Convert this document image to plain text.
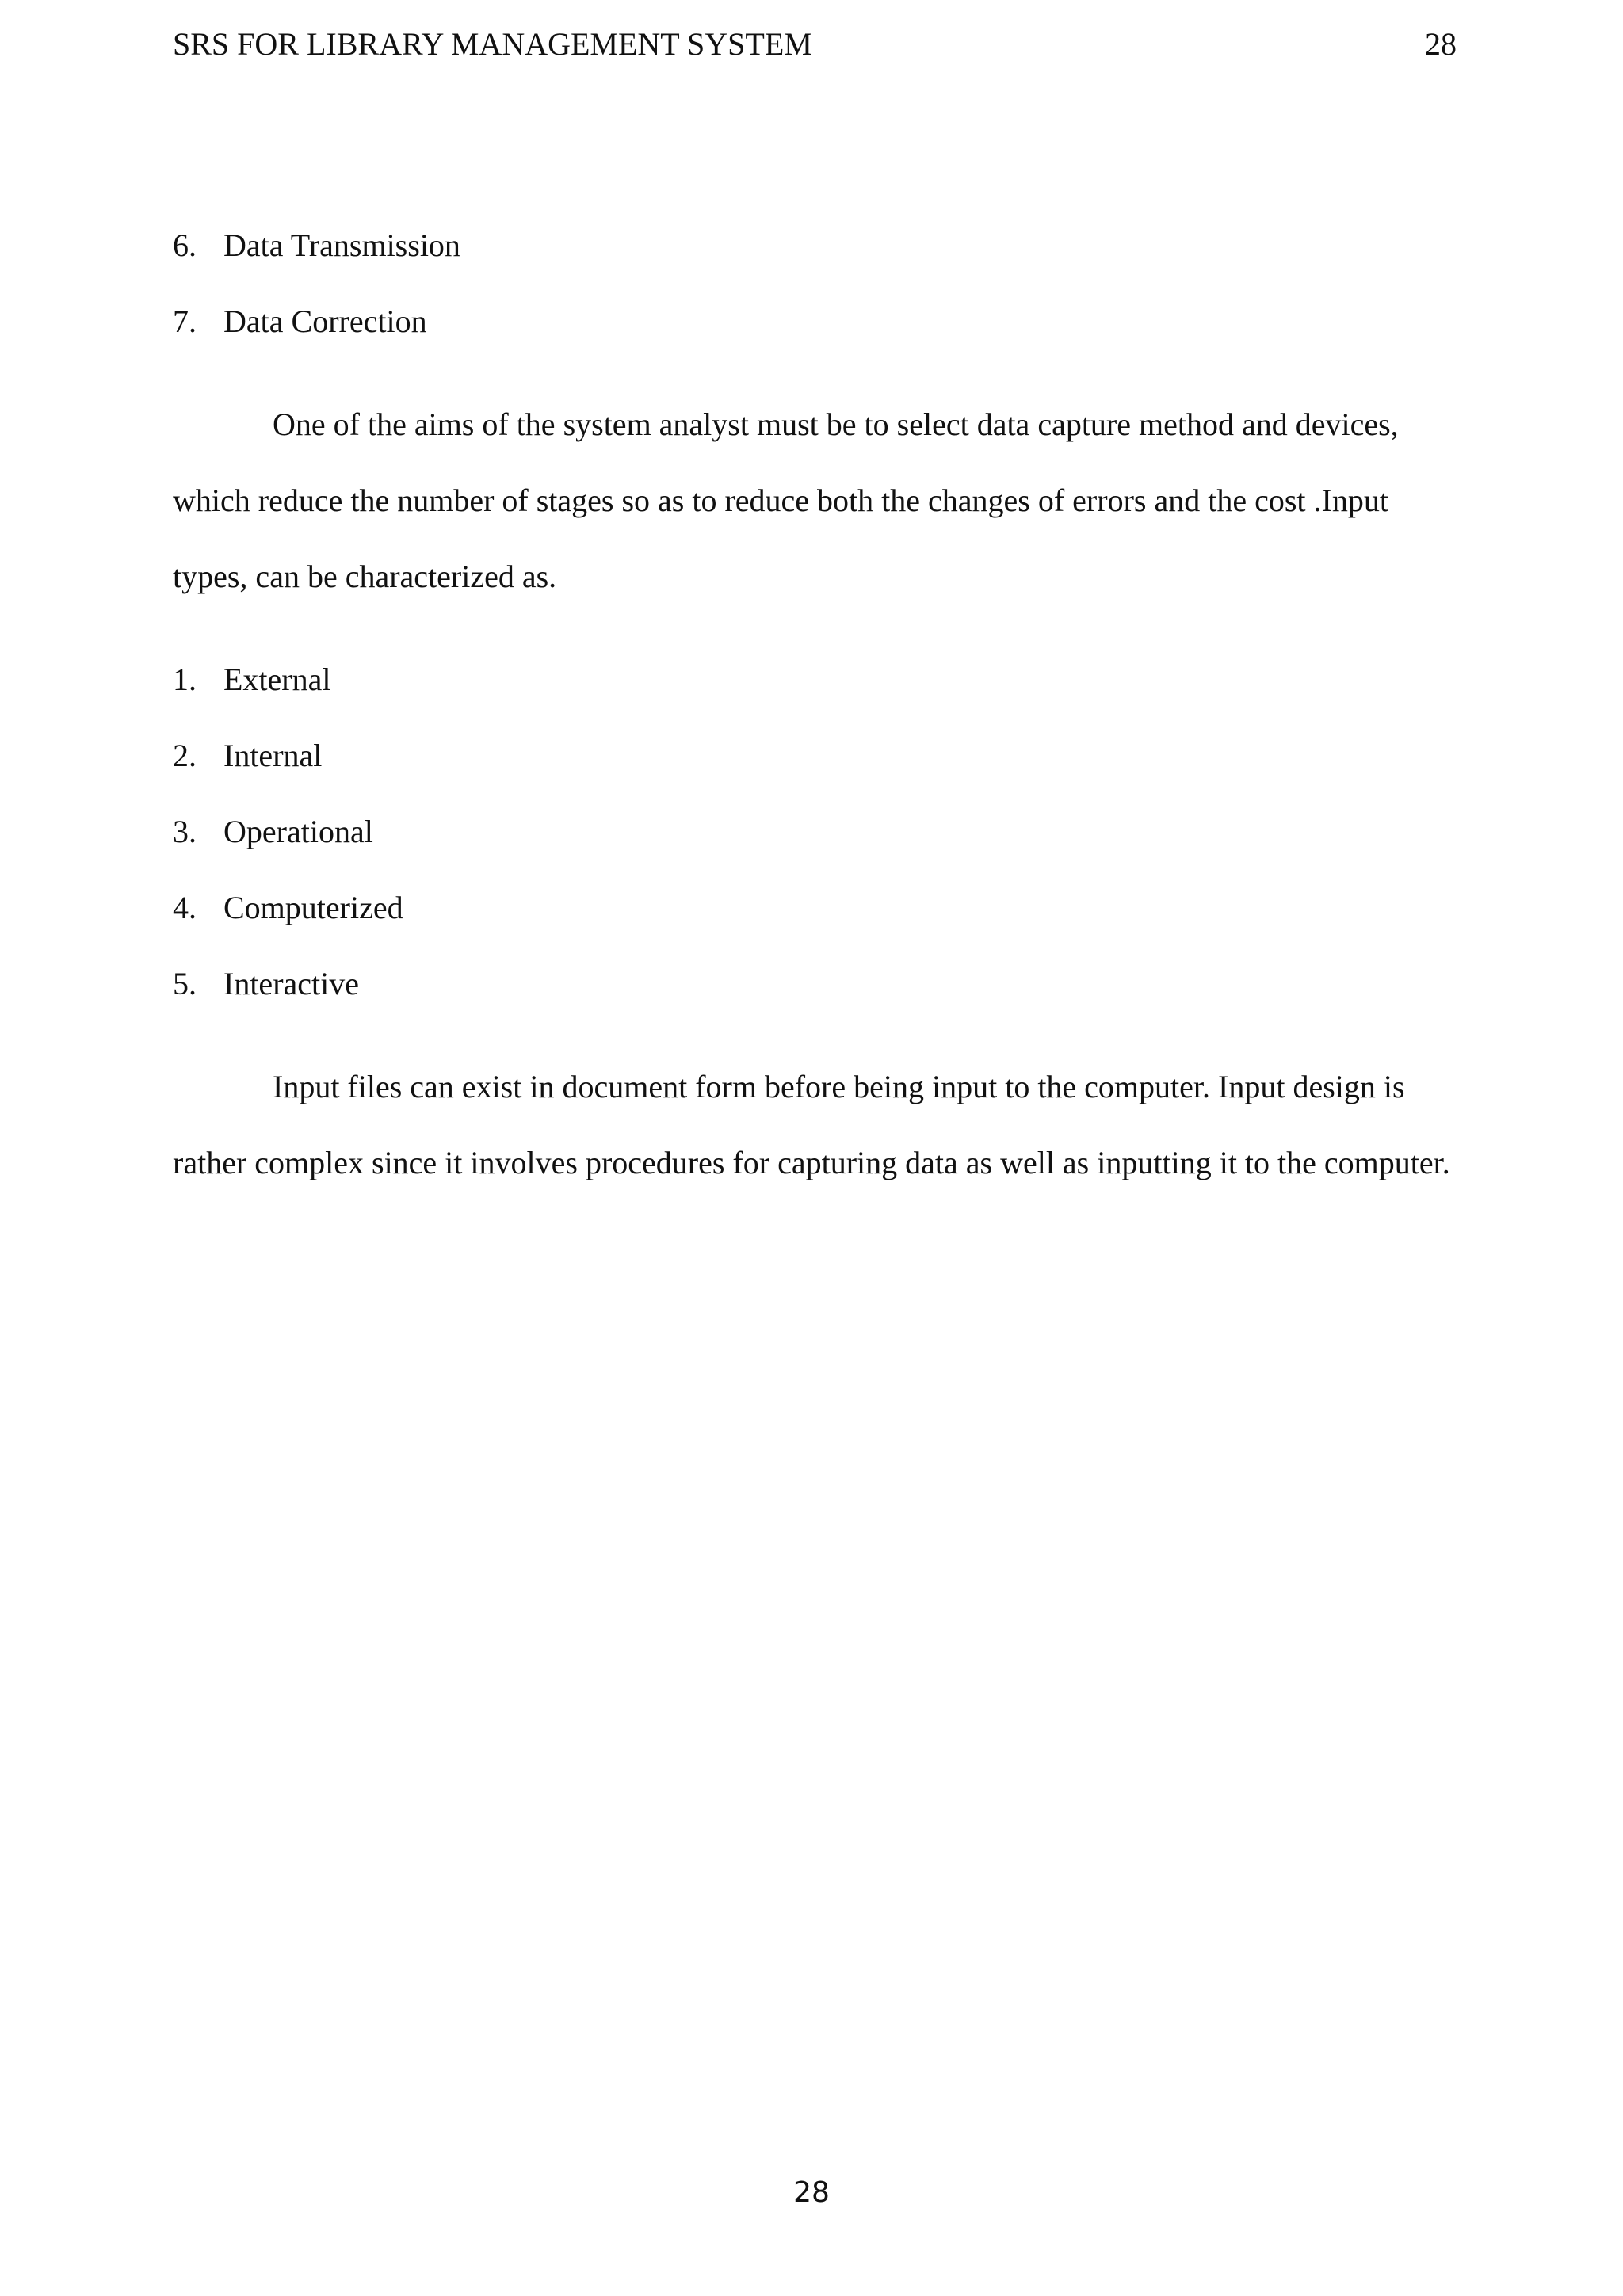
SRS FOR LIBRARY MANAGEMENT SYSTEM	28
6. Data Transmission
7. Data Correction

One of the aims of the system analyst must be to select data capture method and devices, which reduce the number of stages so as to reduce both the changes of errors and the cost .Input types, can be characterized as.

1. External
2. Internal
3. Operational
4. Computerized
5. Interactive

Input files can exist in document form before being input to the computer. Input design is rather complex since it involves procedures for capturing data as well as inputting it to the computer.

28
